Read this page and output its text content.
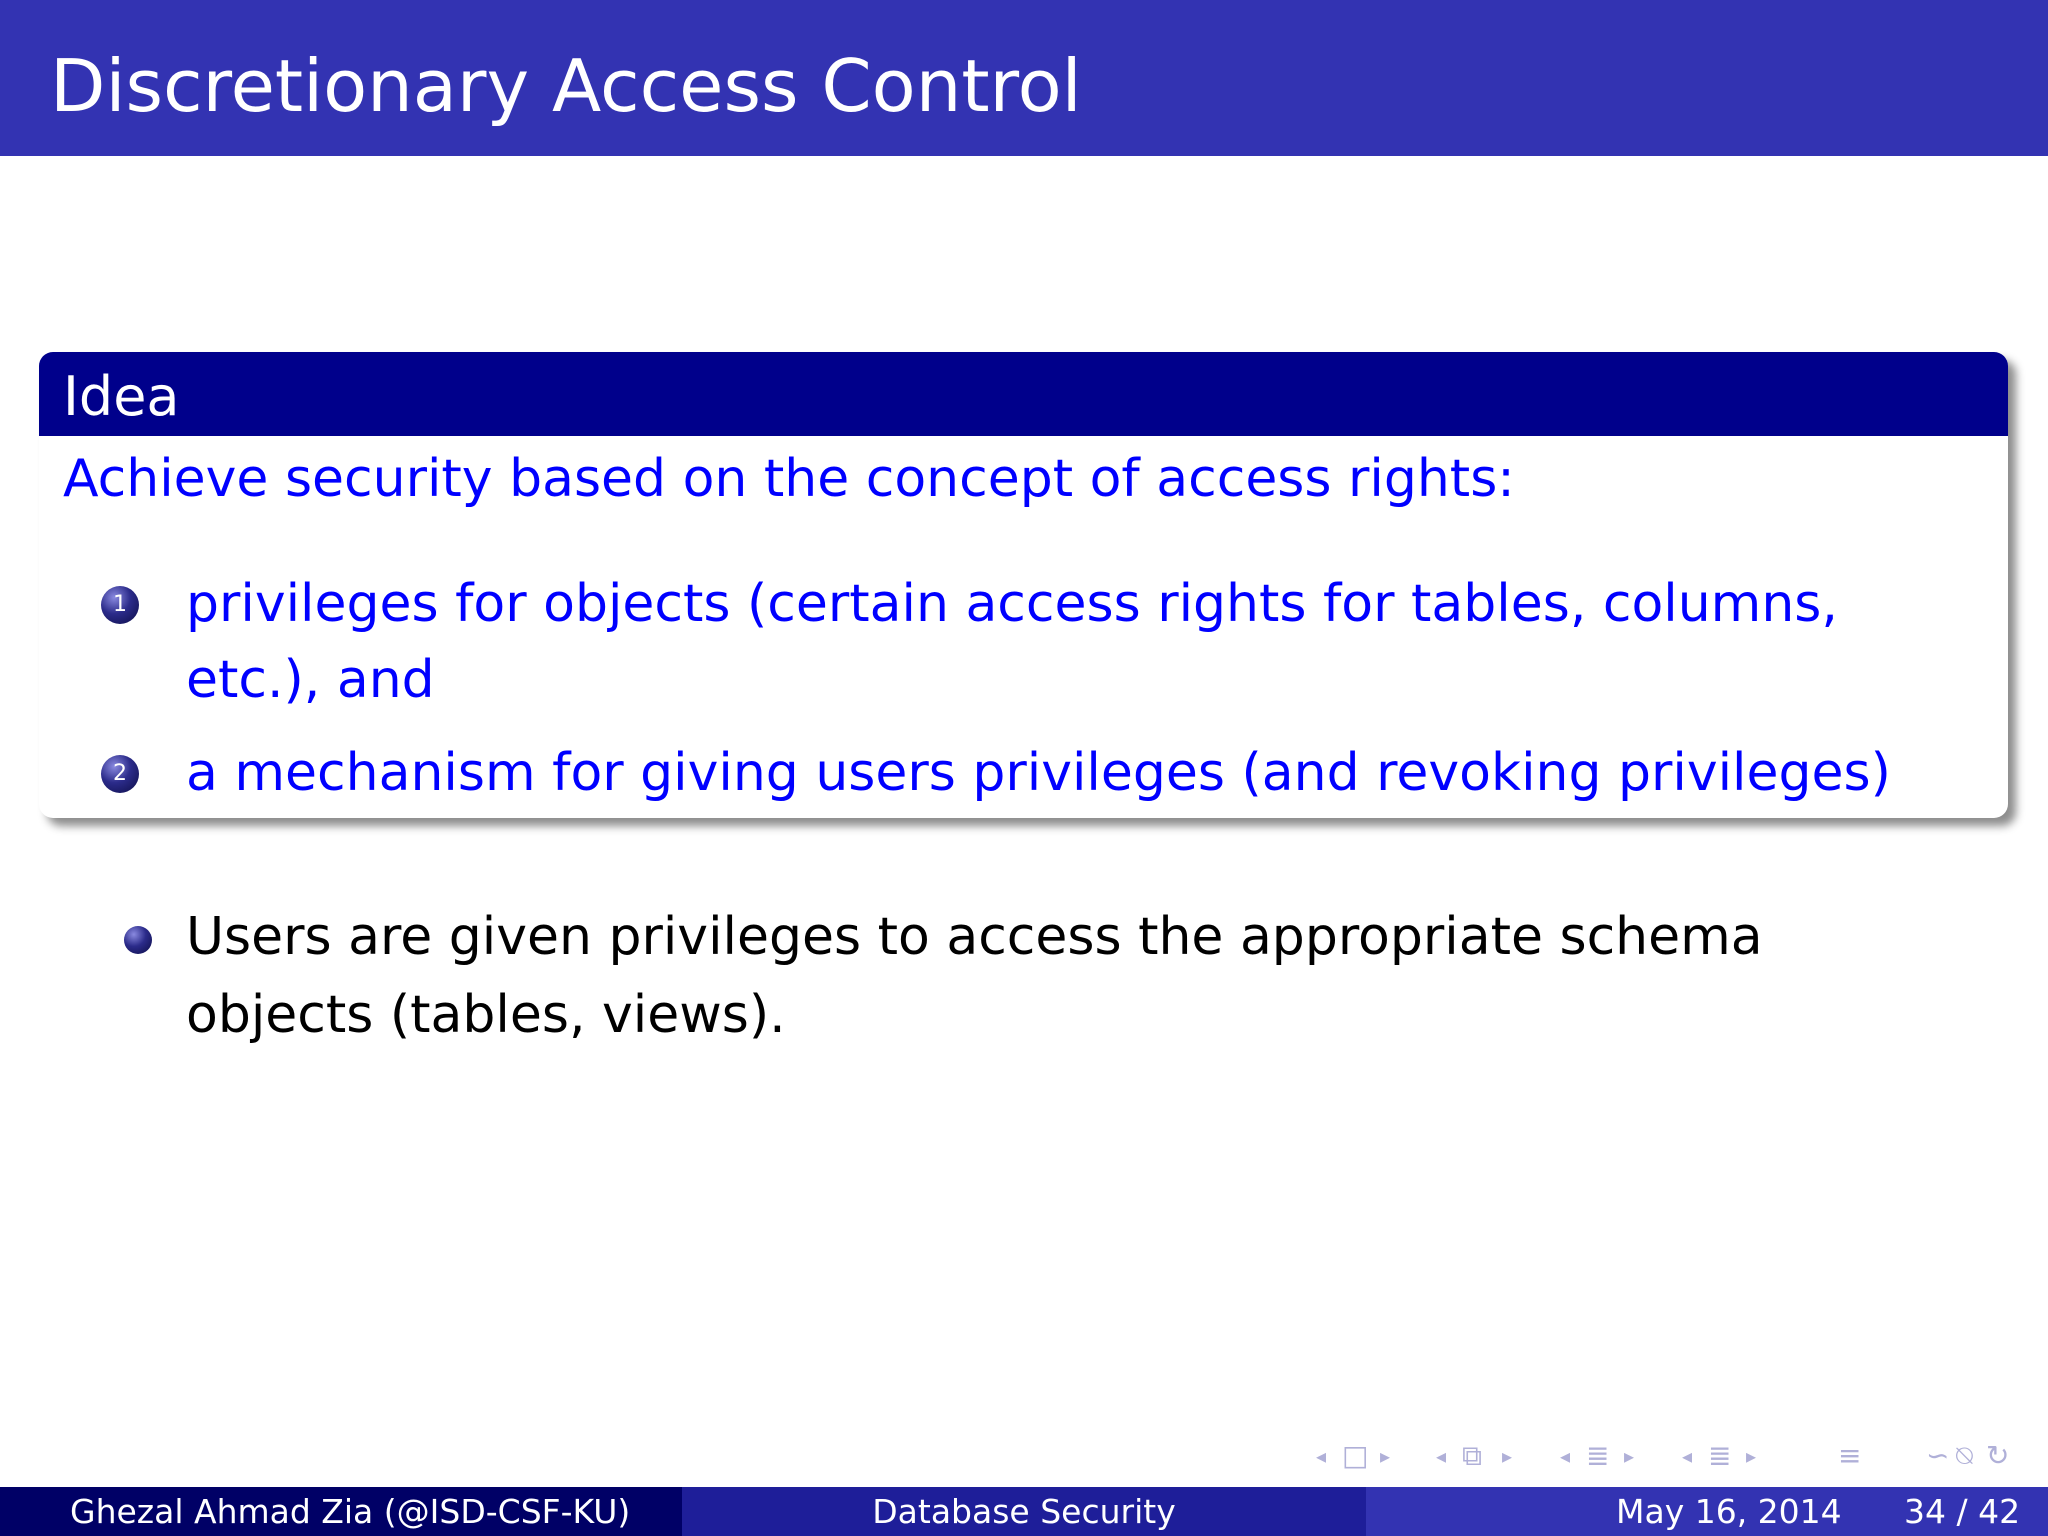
Discretionary Access Control
Idea
Achieve security based on the concept of access rights:
1 privileges for objects (certain access rights for tables, columns, etc.), and
2 a mechanism for giving users privileges (and revoking privileges)
Users are given privileges to access the appropriate schema objects (tables, views).
◂ □ ▸ ◂ ⧉ ▸ ◂ ≣ ▸ ◂ ≣ ▸	≡ ∽ ⍉ ↻
Ghezal Ahmad Zia (@ISD-CSF-KU)	Database Security	May 16, 2014 34 / 42
